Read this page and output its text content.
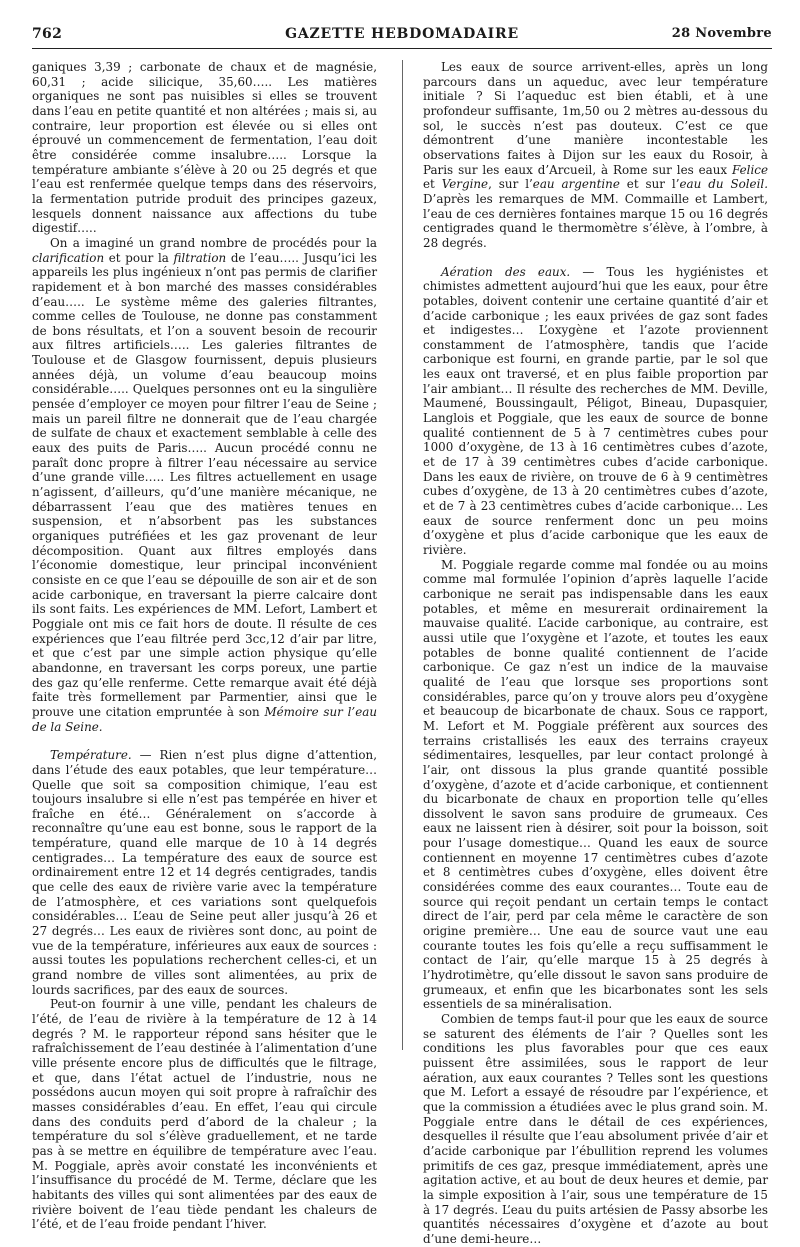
762	GAZETTE HEBDOMADAIRE	28 Novembre

ganiques 3,39 ; carbonate de chaux et de magnésie, 60,31 ; acide silicique, 35,60….. Les matières organiques ne sont pas nuisibles si elles se trouvent dans l’eau en petite quantité et non altérées ; mais si, au contraire, leur proportion est élevée ou si elles ont éprouvé un commencement de fermentation, l’eau doit être considérée comme insalubre….. Lorsque la température ambiante s’élève à 20 ou 25 degrés et que l’eau est renfermée quelque temps dans des réservoirs, la fermentation putride produit des principes gazeux, lesquels donnent naissance aux affections du tube digestif…..

On a imaginé un grand nombre de procédés pour la clarification et pour la filtration de l’eau….. Jusqu’ici les appareils les plus ingénieux n’ont pas permis de clarifier rapidement et à bon marché des masses considérables d’eau….. Le système même des galeries filtrantes, comme celles de Toulouse, ne donne pas constamment de bons résultats, et l’on a souvent besoin de recourir aux filtres artificiels….. Les galeries filtrantes de Toulouse et de Glasgow fournissent, depuis plusieurs années déjà, un volume d’eau beaucoup moins considérable….. Quelques personnes ont eu la singulière pensée d’employer ce moyen pour filtrer l’eau de Seine ; mais un pareil filtre ne donnerait que de l’eau chargée de sulfate de chaux et exactement semblable à celle des eaux des puits de Paris….. Aucun procédé connu ne paraît donc propre à filtrer l’eau nécessaire au service d’une grande ville….. Les filtres actuellement en usage n’agissent, d’ailleurs, qu’d’une manière mécanique, ne débarrassent l’eau que des matières tenues en suspension, et n’absorbent pas les substances organiques putréfiées et les gaz provenant de leur décomposition. Quant aux filtres employés dans l’économie domestique, leur principal inconvénient consiste en ce que l’eau se dépouille de son air et de son acide carbonique, en traversant la pierre calcaire dont ils sont faits. Les expériences de MM. Lefort, Lambert et Poggiale ont mis ce fait hors de doute. Il résulte de ces expériences que l’eau filtrée perd 3cc,12 d’air par litre, et que c’est par une simple action physique qu’elle abandonne, en traversant les corps poreux, une partie des gaz qu’elle renferme. Cette remarque avait été déjà faite très formellement par Parmentier, ainsi que le prouve une citation empruntée à son Mémoire sur l’eau de la Seine.

Température. — Rien n’est plus digne d’attention, dans l’étude des eaux potables, que leur température… Quelle que soit sa composition chimique, l’eau est toujours insalubre si elle n’est pas tempérée en hiver et fraîche en été… Généralement on s’accorde à reconnaître qu’une eau est bonne, sous le rapport de la température, quand elle marque de 10 à 14 degrés centigrades… La température des eaux de source est ordinairement entre 12 et 14 degrés centigrades, tandis que celle des eaux de rivière varie avec la température de l’atmosphère, et ces variations sont quelquefois considérables… L’eau de Seine peut aller jusqu’à 26 et 27 degrés… Les eaux de rivières sont donc, au point de vue de la température, inférieures aux eaux de sources : aussi toutes les populations recherchent celles-ci, et un grand nombre de villes sont alimentées, au prix de lourds sacrifices, par des eaux de sources.

Peut-on fournir à une ville, pendant les chaleurs de l’été, de l’eau de rivière à la température de 12 à 14 degrés ? M. le rapporteur répond sans hésiter que le rafraîchissement de l’eau destinée à l’alimentation d’une ville présente encore plus de difficultés que le filtrage, et que, dans l’état actuel de l’industrie, nous ne possédons aucun moyen qui soit propre à rafraîchir des masses considérables d’eau. En effet, l’eau qui circule dans des conduits perd d’abord de la chaleur ; la température du sol s’élève graduellement, et ne tarde pas à se mettre en équilibre de température avec l’eau. M. Poggiale, après avoir constaté les inconvénients et l’insuffisance du procédé de M. Terme, déclare que les habitants des villes qui sont alimentées par des eaux de rivière boivent de l’eau tiède pendant les chaleurs de l’été, et de l’eau froide pendant l’hiver.

Les eaux de source arrivent-elles, après un long parcours dans un aqueduc, avec leur température initiale ? Si l’aqueduc est bien établi, et à une profondeur suffisante, 1m,50 ou 2 mètres au-dessous du sol, le succès n’est pas douteux. C’est ce que démontrent d’une manière incontestable les observations faites à Dijon sur les eaux du Rosoir, à Paris sur les eaux d’Arcueil, à Rome sur les eaux Felice et Vergine, sur l’eau argentine et sur l’eau du Soleil. D’après les remarques de MM. Commaille et Lambert, l’eau de ces dernières fontaines marque 15 ou 16 degrés centigrades quand le thermomètre s’élève, à l’ombre, à 28 degrés.

Aération des eaux. — Tous les hygiénistes et chimistes admettent aujourd’hui que les eaux, pour être potables, doivent contenir une certaine quantité d’air et d’acide carbonique ; les eaux privées de gaz sont fades et indigestes… L’oxygène et l’azote proviennent constamment de l’atmosphère, tandis que l’acide carbonique est fourni, en grande partie, par le sol que les eaux ont traversé, et en plus faible proportion par l’air ambiant… Il résulte des recherches de MM. Deville, Maumené, Boussingault, Péligot, Bineau, Dupasquier, Langlois et Poggiale, que les eaux de source de bonne qualité contiennent de 5 à 7 centimètres cubes pour 1000 d’oxygène, de 13 à 16 centimètres cubes d’azote, et de 17 à 39 centimètres cubes d’acide carbonique. Dans les eaux de rivière, on trouve de 6 à 9 centimètres cubes d’oxygène, de 13 à 20 centimètres cubes d’azote, et de 7 à 23 centimètres cubes d’acide carbonique… Les eaux de source renferment donc un peu moins d’oxygène et plus d’acide carbonique que les eaux de rivière.

M. Poggiale regarde comme mal fondée ou au moins comme mal formulée l’opinion d’après laquelle l’acide carbonique ne serait pas indispensable dans les eaux potables, et même en mesurerait ordinairement la mauvaise qualité. L’acide carbonique, au contraire, est aussi utile que l’oxygène et l’azote, et toutes les eaux potables de bonne qualité contiennent de l’acide carbonique. Ce gaz n’est un indice de la mauvaise qualité de l’eau que lorsque ses proportions sont considérables, parce qu’on y trouve alors peu d’oxygène et beaucoup de bicarbonate de chaux. Sous ce rapport, M. Lefort et M. Poggiale préfèrent aux sources des terrains cristallisés les eaux des terrains crayeux sédimentaires, lesquelles, par leur contact prolongé à l’air, ont dissous la plus grande quantité possible d’oxygène, d’azote et d’acide carbonique, et contiennent du bicarbonate de chaux en proportion telle qu’elles dissolvent le savon sans produire de grumeaux. Ces eaux ne laissent rien à désirer, soit pour la boisson, soit pour l’usage domestique… Quand les eaux de source contiennent en moyenne 17 centimètres cubes d’azote et 8 centimètres cubes d’oxygène, elles doivent être considérées comme des eaux courantes… Toute eau de source qui reçoit pendant un certain temps le contact direct de l’air, perd par cela même le caractère de son origine première… Une eau de source vaut une eau courante toutes les fois qu’elle a reçu suffisamment le contact de l’air, qu’elle marque 15 à 25 degrés à l’hydrotimètre, qu’elle dissout le savon sans produire de grumeaux, et enfin que les bicarbonates sont les sels essentiels de sa minéralisation.

Combien de temps faut-il pour que les eaux de source se saturent des éléments de l’air ? Quelles sont les conditions les plus favorables pour que ces eaux puissent être assimilées, sous le rapport de leur aération, aux eaux courantes ? Telles sont les questions que M. Lefort a essayé de résoudre par l’expérience, et que la commission a étudiées avec le plus grand soin. M. Poggiale entre dans le détail de ces expériences, desquelles il résulte que l’eau absolument privée d’air et d’acide carbonique par l’ébullition reprend les volumes primitifs de ces gaz, presque immédiatement, après une agitation active, et au bout de deux heures et demie, par la simple exposition à l’air, sous une température de 15 à 17 degrés. L’eau du puits artésien de Passy absorbe les quantités nécessaires d’oxygène et d’azote au bout d’une demi-heure…
